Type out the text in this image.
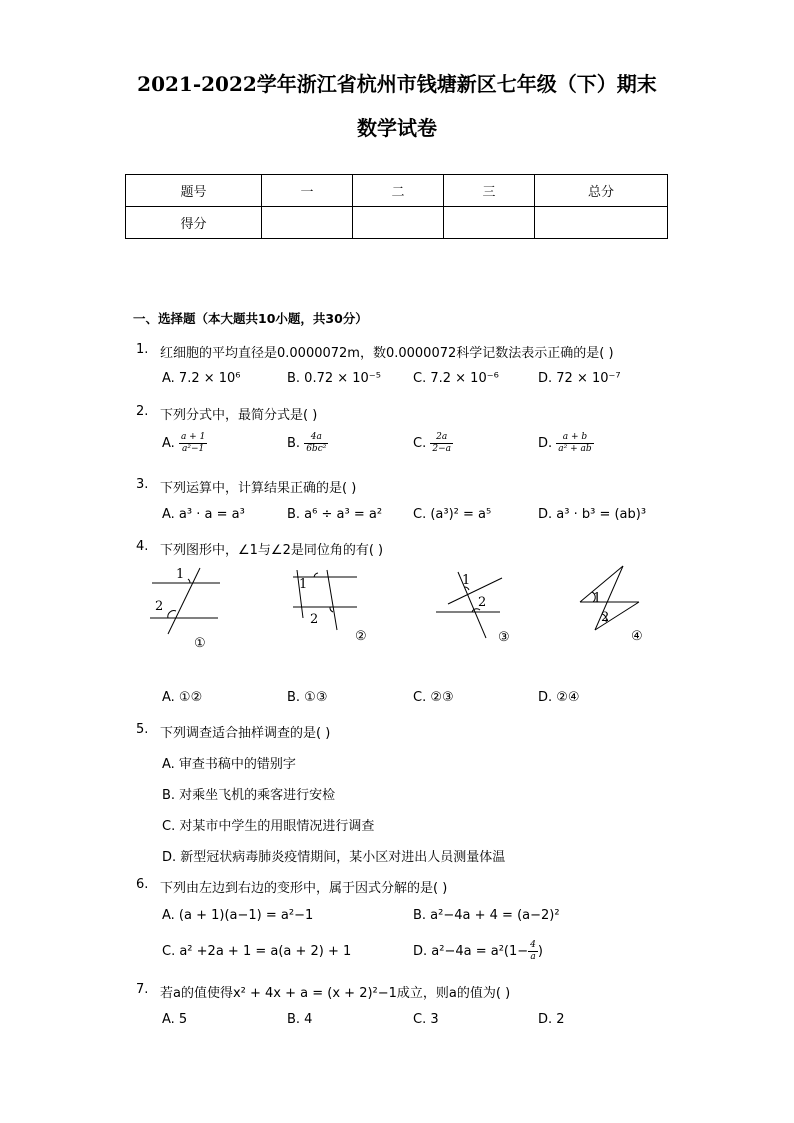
2021-2022学年浙江省杭州市钱塘新区七年级（下）期末
数学试卷
题号	一	二	三	总分
得分				
一、选择题（本大题共10小题，共30分）
1. 红细胞的平均直径是0.0000072m，数0.0000072科学记数法表示正确的是( )
A. 7.2 × 10⁶	B. 0.72 × 10⁻⁵ C. 7.2 × 10⁻⁶	D. 72 × 10⁻⁷
2. 下列分式中，最简分式是( )
A. $\frac{a + 1}{\text{a²−1}}$	B. $\frac{4a}{\text{6bc²}}$	C. $\frac{2a}{2-a}$	D. $\frac{a + b}{\text{a² + ab}}$
3. 下列运算中，计算结果正确的是( )
A. a³ · a = a³	B. a⁶ ÷ a³ = a² C. (a³)² = a⁵	D. a³ · b³ = (ab)³
4. 下列图形中，∠1与∠2是同位角的有( )
1
2
①
1
2
②
1
2
③
1
2
④
A. ①②	B. ①③	C. ②③	D. ②④
5. 下列调查适合抽样调查的是( )
A. 审查书稿中的错别字
B. 对乘坐飞机的乘客进行安检
C. 对某市中学生的用眼情况进行调查
D. 新型冠状病毒肺炎疫情期间，某小区对进出人员测量体温
6. 下列由左边到右边的变形中，属于因式分解的是( )
A. (a + 1)(a−1) = a²−1	B. a²−4a + 4 = (a−2)²
C. a² +2a + 1 = a(a + 2) + 1	D. $a^2-4a = a^2(1- \frac{4}{a}$ )
7. 若a的值使得x² + 4x + a = (x + 2)²−1成立，则a的值为( )
A. 5	B. 4	C. 3	D. 2
